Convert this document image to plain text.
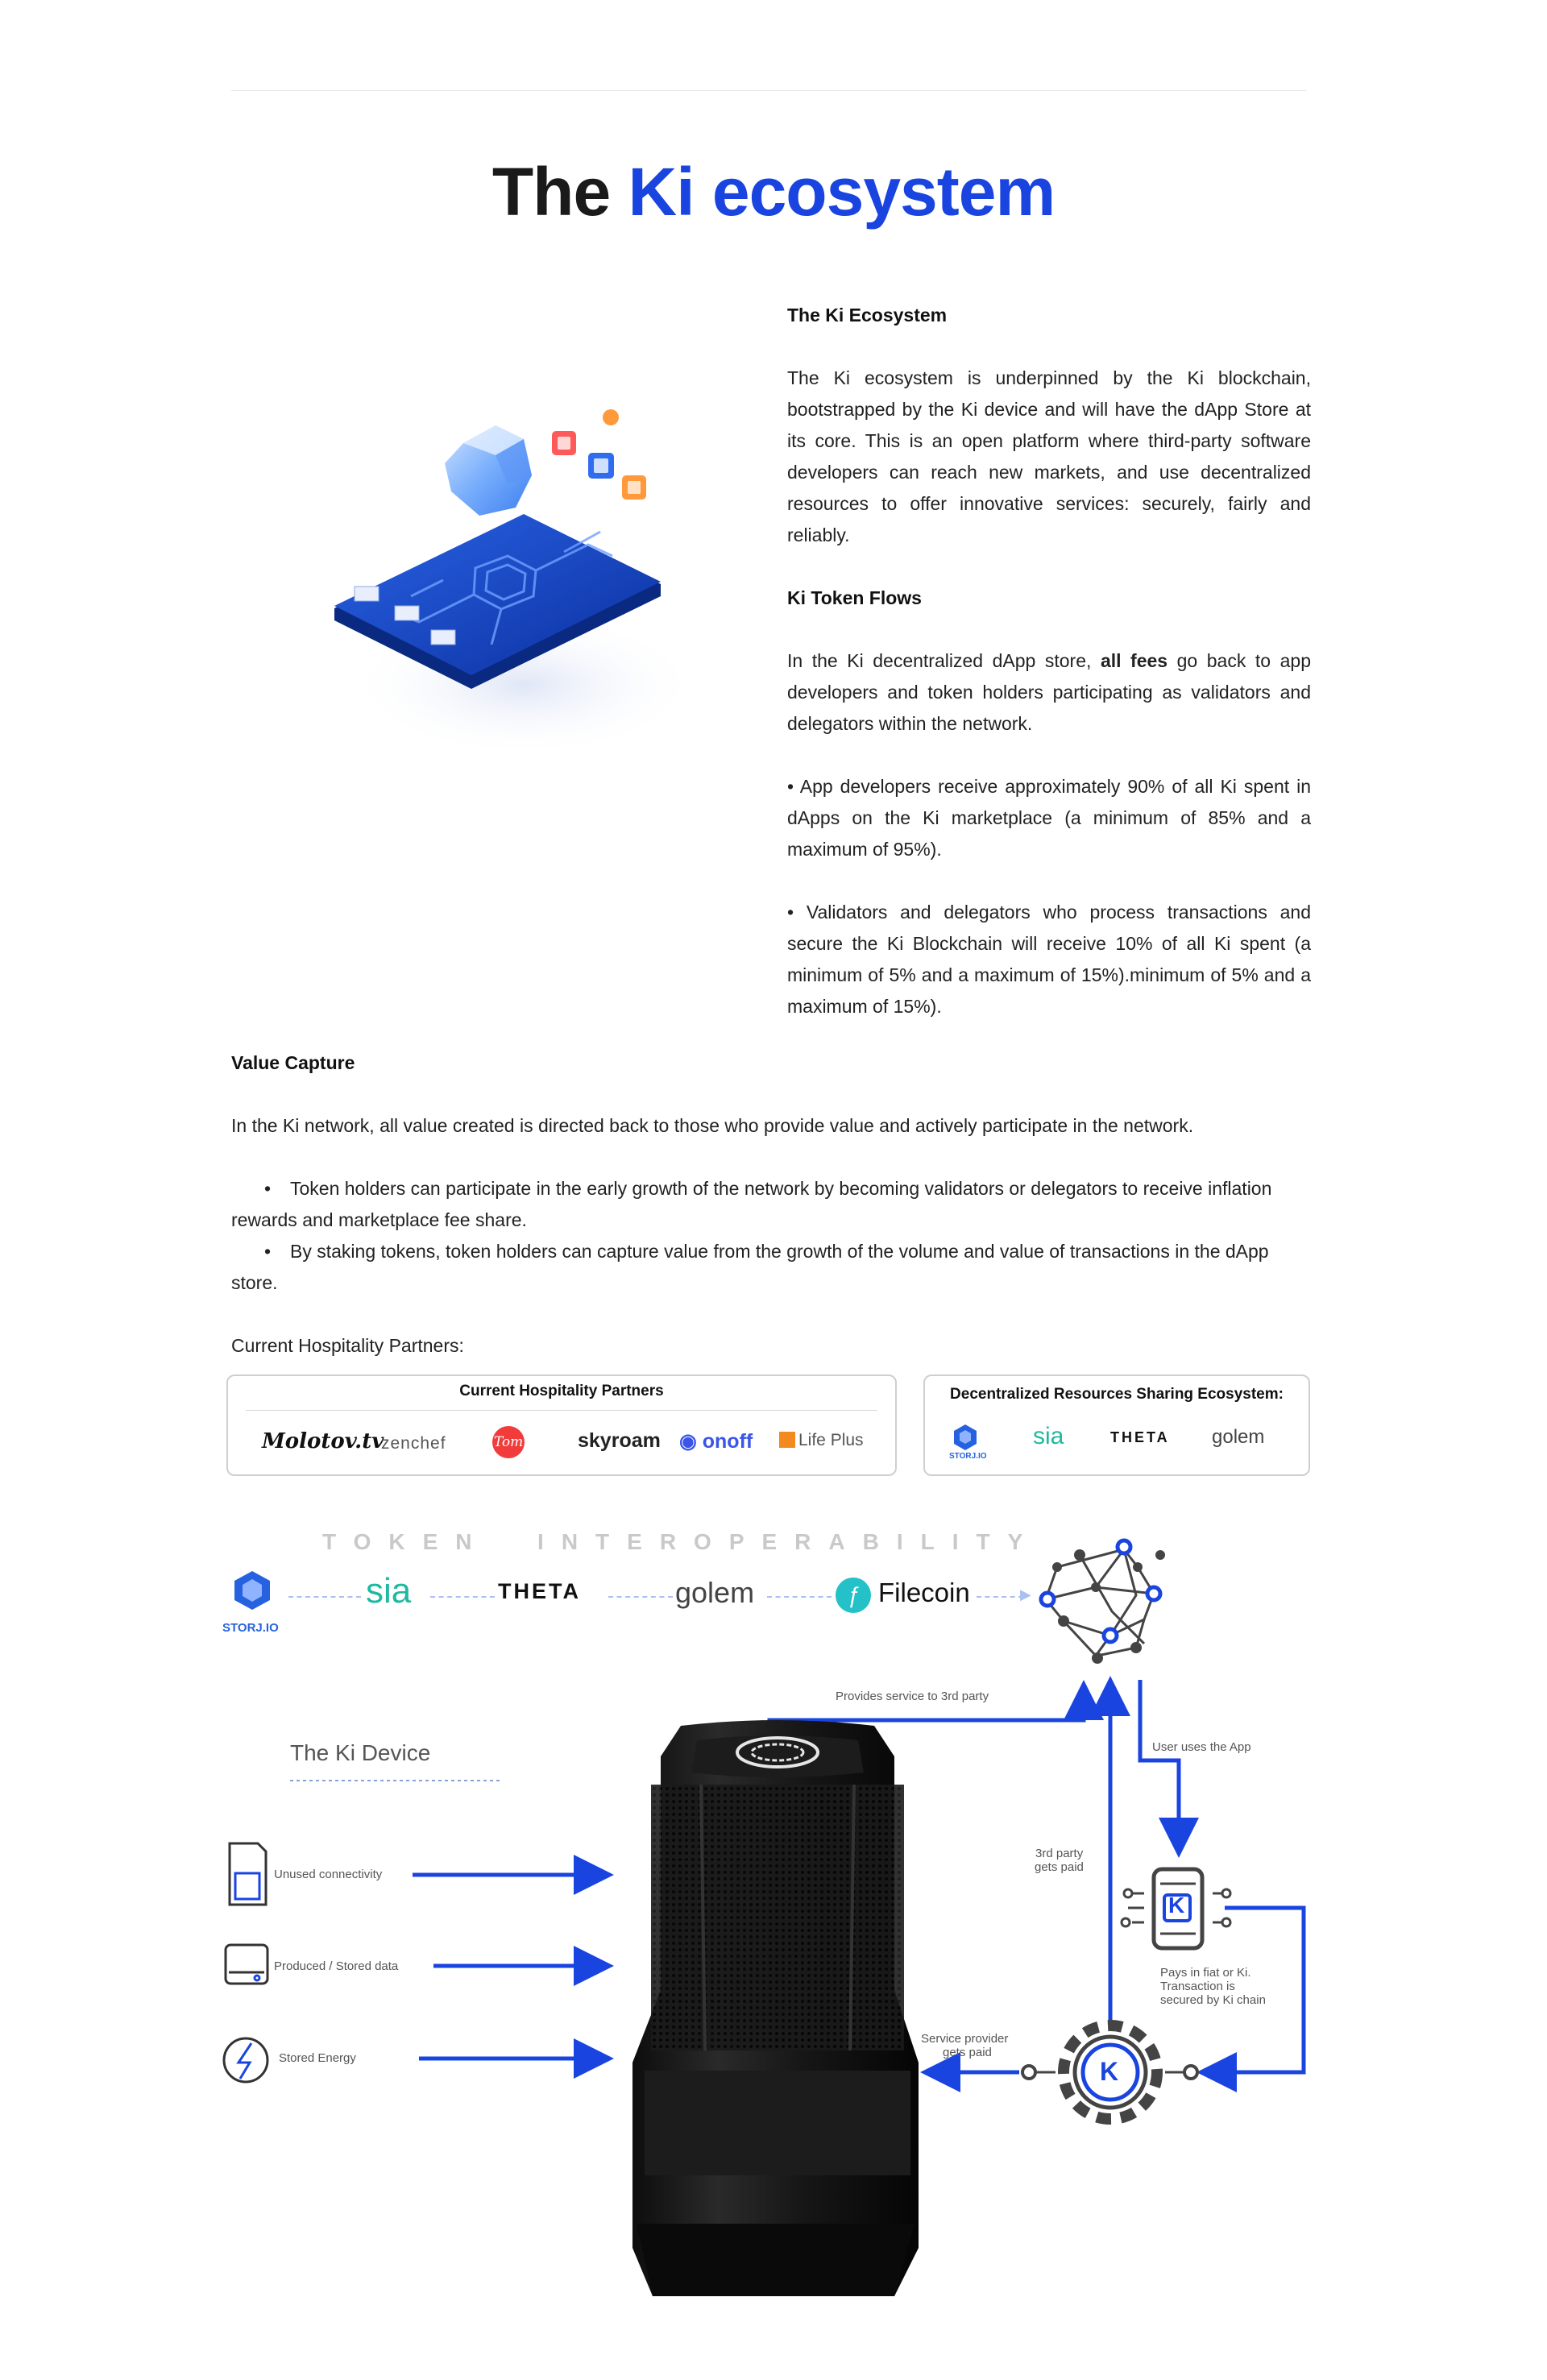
The Ki ecosystem
The Ki Ecosystem

The Ki ecosystem is underpinned by the Ki blockchain, bootstrapped by the Ki device and will have the dApp Store at its core. This is an open platform where third-party software developers can reach new markets, and use decentralized resources to offer innovative services: securely, fairly and reliably.

Ki Token Flows

In the Ki decentralized dApp store, all fees go back to app developers and token holders participating as validators and delegators within the network.

• App developers receive approximately 90% of all Ki spent in dApps on the Ki marketplace (a minimum of 85% and a maximum of 95%).

• Validators and delegators who process transactions and secure the Ki Blockchain will receive 10% of all Ki spent (a minimum of 5% and a maximum of 15%).minimum of 5% and a maximum of 15%).

Value Capture

In the Ki network, all value created is directed back to those who provide value and actively participate in the network.

• Token holders can participate in the early growth of the network by becoming validators or delegators to receive inflation rewards and marketplace fee share.

• By staking tokens, token holders can capture value from the growth of the volume and value of transactions in the dApp store.

Current Hospitality Partners:

Current Hospitality Partners
Molotov.tv
zenchef	Tom	skyroam ◉ onoff	Life Plus
Decentralized Resources Sharing Ecosystem:
STORJ.IO
sia	THETA golem
TOKEN  INTEROPERABILITY
STORJ.IO
sia	THETA	golem	ƒ Filecoin	▶
K
K
The Ki Device
Unused connectivity
Produced / Stored data
Stored Energy
Provides service to 3rd party
User uses the App
3rd party
gets paid
Pays in fiat or Ki.
Transaction is
secured by Ki chain
Service provider
gets paid
